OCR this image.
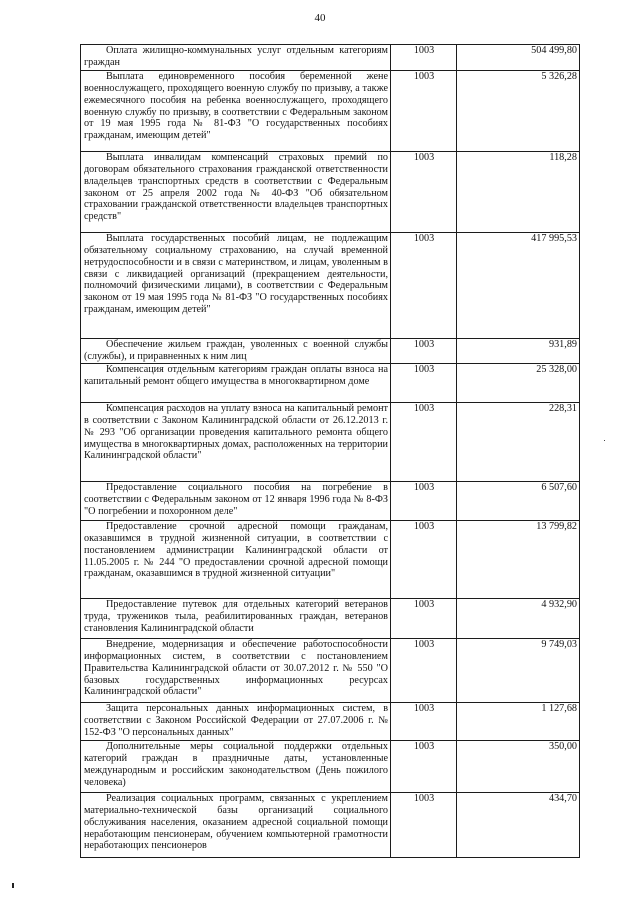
40
Оплата жилищно-коммунальных услуг отдельным категориям граждан	1003	504 499,80
Выплата единовременного пособия беременной жене военнослужащего, проходящего военную службу по призыву, а также ежемесячного пособия на ребенка военнослужащего, проходящего военную службу по призыву, в соответствии с Федеральным законом от 19 мая 1995 года № 81-ФЗ "О государственных пособиях гражданам, имеющим детей"	1003	5 326,28
Выплата инвалидам компенсаций страховых премий по договорам обязательного страхования гражданской ответственности владельцев транспортных средств в соответствии с Федеральным законом от 25 апреля 2002 года № 40-ФЗ "Об обязательном страховании гражданской ответственности владельцев транспортных средств"	1003	118,28
Выплата государственных пособий лицам, не подлежащим обязательному социальному страхованию, на случай временной нетрудоспособности и в связи с материнством, и лицам, уволенным в связи с ликвидацией организаций (прекращением деятельности, полномочий физическими лицами), в соответствии с Федеральным законом от 19 мая 1995 года № 81-ФЗ "О государственных пособиях гражданам, имеющим детей"	1003	417 995,53
Обеспечение жильем граждан, уволенных с военной службы (службы), и приравненных к ним лиц	1003	931,89
Компенсация отдельным категориям граждан оплаты взноса на капитальный ремонт общего имущества в многоквартирном доме	1003	25 328,00
Компенсация расходов на уплату взноса на капитальный ремонт в соответствии с Законом Калининградской области от 26.12.2013 г. № 293 "Об организации проведения капитального ремонта общего имущества в многоквартирных домах, расположенных на территории Калининградской области"	1003	228,31
Предоставление социального пособия на погребение в соответствии с Федеральным законом от 12 января 1996 года № 8-ФЗ "О погребении и похоронном деле"	1003	6 507,60
Предоставление срочной адресной помощи гражданам, оказавшимся в трудной жизненной ситуации, в соответствии с постановлением администрации Калининградской области от 11.05.2005 г. № 244 "О предоставлении срочной адресной помощи гражданам, оказавшимся в трудной жизненной ситуации"	1003	13 799,82
Предоставление путевок для отдельных категорий ветеранов труда, тружеников тыла, реабилитированных граждан, ветеранов становления Калининградской области	1003	4 932,90
Внедрение, модернизация и обеспечение работоспособности информационных систем, в соответствии с постановлением Правительства Калининградской области от 30.07.2012 г. № 550 "О базовых государственных информационных ресурсах Калининградской области"	1003	9 749,03
Защита персональных данных информационных систем, в соответствии с Законом Российской Федерации от 27.07.2006 г. № 152-ФЗ "О персональных данных"	1003	1 127,68
Дополнительные меры социальной поддержки отдельных категорий граждан в праздничные даты, установленные международным и российским законодательством (День пожилого человека)	1003	350,00
Реализация социальных программ, связанных с укреплением материально-технической базы организаций социального обслуживания населения, оказанием адресной социальной помощи неработающим пенсионерам, обучением компьютерной грамотности неработающих пенсионеров	1003	434,70
